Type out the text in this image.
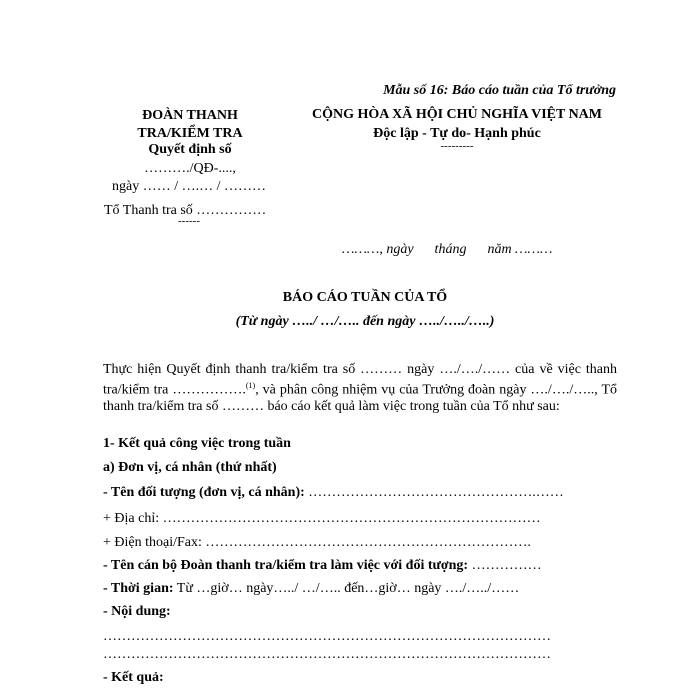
Mẫu số 16: Báo cáo tuần của Tổ trưởng
ĐOÀN THANH
TRA/KIỂM TRA
Quyết định số
………./QĐ-....,
ngày …… / ….… / ………
Tổ Thanh tra số ……………
------
CỘNG HÒA XÃ HỘI CHỦ NGHĨA VIỆT NAM
Độc lập - Tự do- Hạnh phúc
---------
………, ngày      tháng      năm ………
BÁO CÁO TUẦN CỦA TỔ
(Từ ngày …../ …/….. đến ngày …../…../…..)
Thực hiện Quyết định thanh tra/kiểm tra số ……… ngày …./…./…… của về việc thanh tra/kiểm tra …………….$^{(1)}$, và phân công nhiệm vụ của Trưởng đoàn ngày …./…./….., Tổ thanh tra/kiểm tra số ……… báo cáo kết quả làm việc trong tuần của Tổ như sau:
1- Kết quả công việc trong tuần
a) Đơn vị, cá nhân (thứ nhất)
- Tên đối tượng (đơn vị, cá nhân): ………………………………………….……
+ Địa chỉ: ………………………………………………………………………
+ Điện thoại/Fax: …………………………………………………………….
- Tên cán bộ Đoàn thanh tra/kiểm tra làm việc với đối tượng: ……………
- Thời gian: Từ …giờ… ngày…../ …/….. đến…giờ… ngày …./…../……
- Nội dung:
……………………………………………………………………………………
……………………………………………………………………………………
- Kết quả:
